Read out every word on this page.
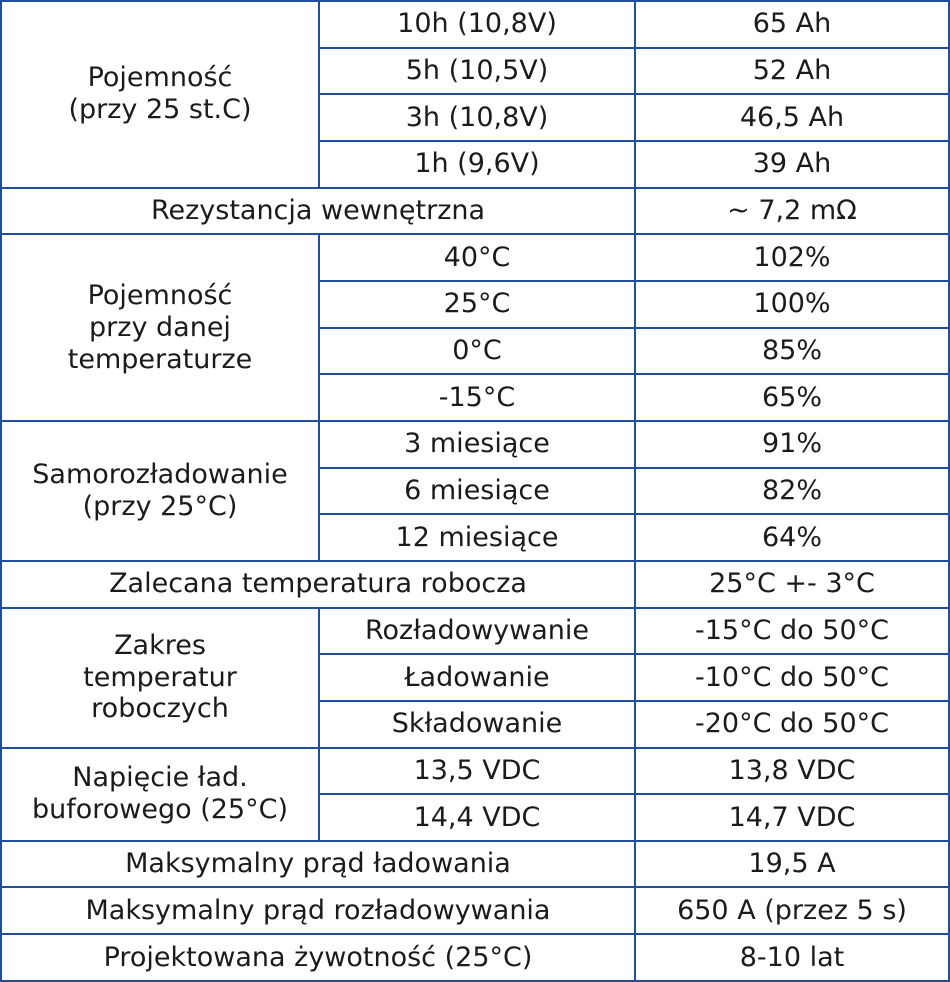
Pojemność
(przy 25 st.C)	10h (10,8V)	65 Ah
	5h (10,5V)	52 Ah
	3h (10,8V)	46,5 Ah
	1h (9,6V)	39 Ah
Rezystancja wewnętrzna		~ 7,2 mΩ
Pojemność
przy danej
temperaturze	40°C	102%
	25°C	100%
	0°C	85%
	-15°C	65%
Samorozładowanie
(przy 25°C)	3 miesiące	91%
	6 miesiące	82%
	12 miesiące	64%
Zalecana temperatura robocza		25°C +- 3°C
Zakres
temperatur
roboczych	Rozładowywanie	-15°C do 50°C
	Ładowanie	-10°C do 50°C
	Składowanie	-20°C do 50°C
Napięcie ład.
buforowego (25°C)	13,5 VDC	13,8 VDC
	14,4 VDC	14,7 VDC
Maksymalny prąd ładowania		19,5 A
Maksymalny prąd rozładowywania		650 A (przez 5 s)
Projektowana żywotność (25°C)		8-10 lat
